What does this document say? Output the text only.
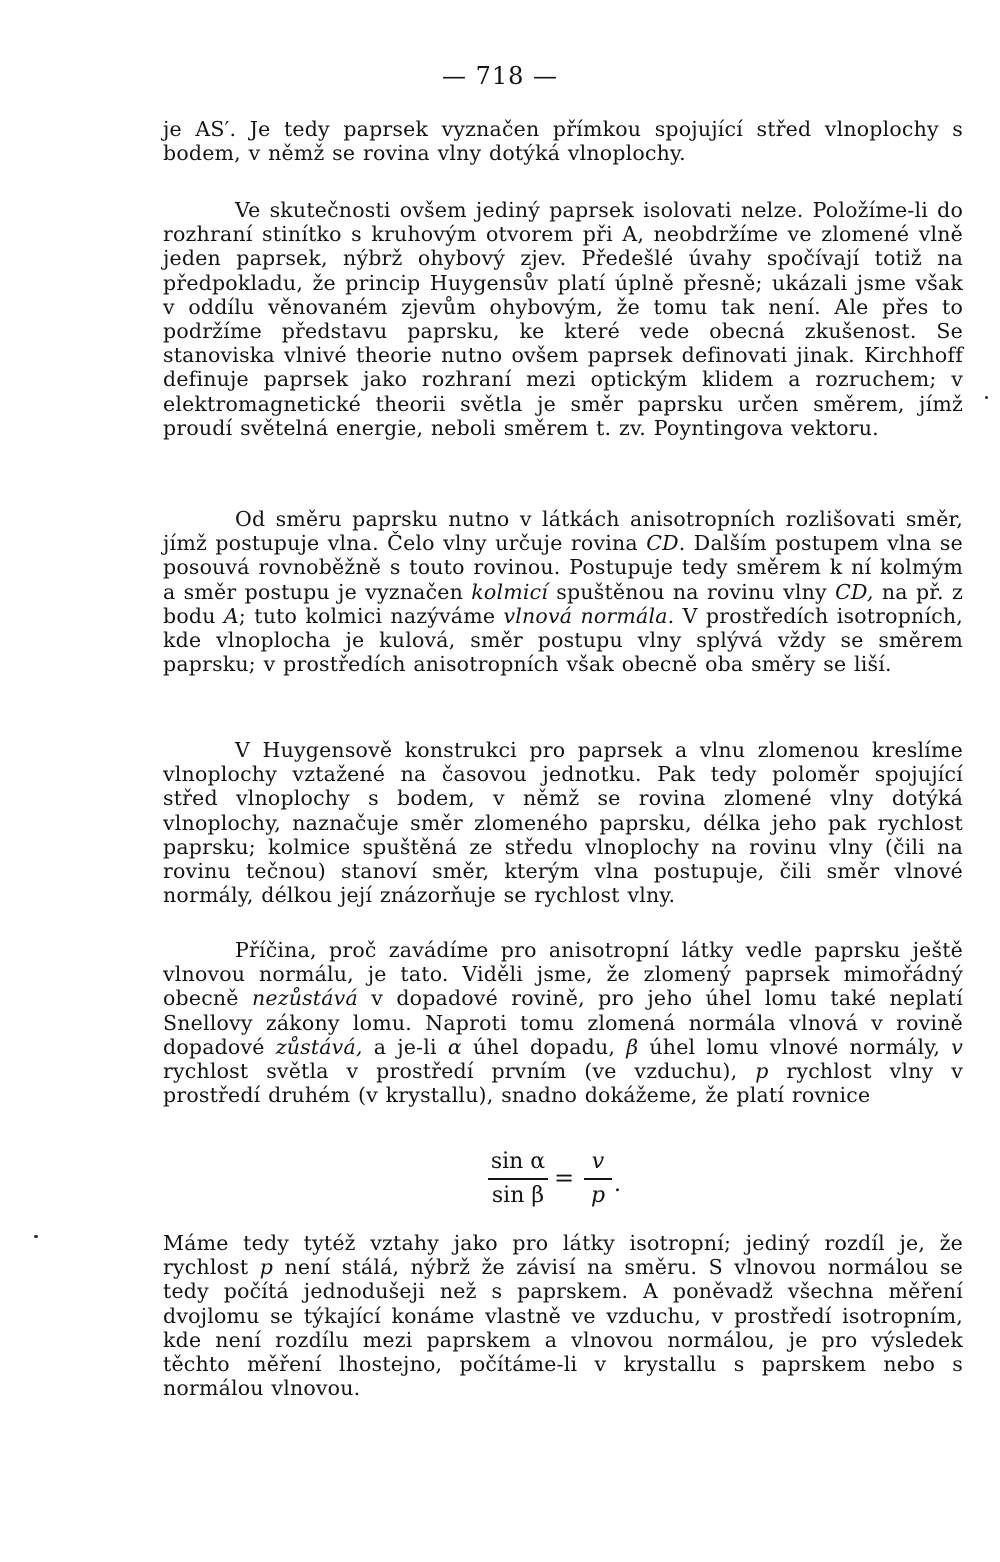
— 718 —

je AS′. Je tedy paprsek vyznačen přímkou spojující střed vlnoplochy s bodem, v němž se rovina vlny dotýká vlnoplochy.

Ve skutečnosti ovšem jediný paprsek isolovati nelze. Položíme-li do rozhraní stinítko s kruhovým otvorem při A, neobdržíme ve zlomené vlně jeden paprsek, nýbrž ohybový zjev. Předešlé úvahy spočívají totiž na předpokladu, že princip Huygensův platí úplně přesně; ukázali jsme však v oddílu věnovaném zjevům ohybovým, že tomu tak není. Ale přes to podržíme představu paprsku, ke které vede obecná zkušenost. Se stanoviska vlnivé theorie nutno ovšem paprsek definovati jinak. Kirchhoff definuje paprsek jako rozhraní mezi optickým klidem a rozruchem; v elektromagnetické theorii světla je směr paprsku určen směrem, jímž proudí světelná energie, neboli směrem t. zv. Poyntingova vektoru.

Od směru paprsku nutno v látkách anisotropních rozlišovati směr, jímž postupuje vlna. Čelo vlny určuje rovina CD. Dalším postupem vlna se posouvá rovnoběžně s touto rovinou. Postupuje tedy směrem k ní kolmým a směr postupu je vyznačen kolmicí spuštěnou na rovinu vlny CD, na př. z bodu A; tuto kolmici nazýváme vlnová normála. V prostředích isotropních, kde vlnoplocha je kulová, směr postupu vlny splývá vždy se směrem paprsku; v prostředích anisotropních však obecně oba směry se liší.

V Huygensově konstrukci pro paprsek a vlnu zlomenou kreslíme vlnoplochy vztažené na časovou jednotku. Pak tedy poloměr spojující střed vlnoplochy s bodem, v němž se rovina zlomené vlny dotýká vlnoplochy, naznačuje směr zlomeného paprsku, délka jeho pak rychlost paprsku; kolmice spuštěná ze středu vlnoplochy na rovinu vlny (čili na rovinu tečnou) stanoví směr, kterým vlna postupuje, čili směr vlnové normály, délkou její znázorňuje se rychlost vlny.

Příčina, proč zavádíme pro anisotropní látky vedle paprsku ještě vlnovou normálu, je tato. Viděli jsme, že zlomený paprsek mimořádný obecně nezůstává v dopadové rovině, pro jeho úhel lomu také neplatí Snellovy zákony lomu. Naproti tomu zlomená normála vlnová v rovině dopadové zůstává, a je-li α úhel dopadu, β úhel lomu vlnové normály, v rychlost světla v prostředí prvním (ve vzduchu), p rychlost vlny v prostředí druhém (v krystallu), snadno dokážeme, že platí rovnice

sin α
sin β
=
v
p .

Máme tedy tytéž vztahy jako pro látky isotropní; jediný rozdíl je, že rychlost p není stálá, nýbrž že závisí na směru. S vlnovou normálou se tedy počítá jednodušeji než s paprskem. A poněvadž všechna měření dvojlomu se týkající konáme vlastně ve vzduchu, v prostředí isotropním, kde není rozdílu mezi paprskem a vlnovou normálou, je pro výsledek těchto měření lhostejno, počítáme-li v krystallu s paprskem nebo s normálou vlnovou.
